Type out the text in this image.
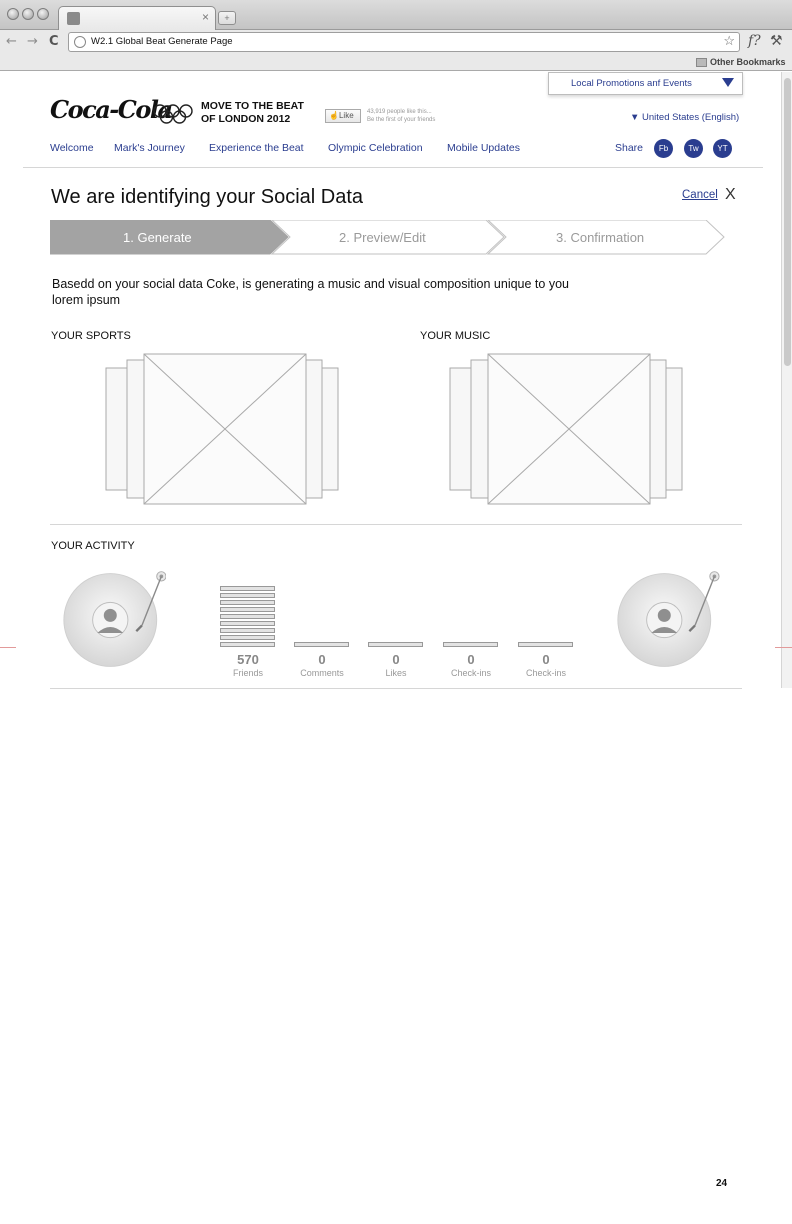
×	+
← → C	W2.1 Global Beat Generate Page	☆ f? ⚒
Other Bookmarks
Local Promotions anf Events
Coca-Cola	MOVE TO THE BEAT
OF LONDON 2012	☝Like	43,919 people like this...
Be the first of your friends	▼ United States (English)
Welcome Mark's Journey Experience the Beat Olympic Celebration Mobile Updates	Share	Fb	Tw	YT
We are identifying your Social Data	Cancel X
1. Generate	2. Preview/Edit	3. Confirmation
Basedd on your social data Coke, is generating a music and visual composition unique to you lorem ipsum
YOUR SPORTS	YOUR MUSIC
YOUR ACTIVITY
570
Friends
0
Comments
0
Likes
0
Check-ins
0
Check-ins
24
